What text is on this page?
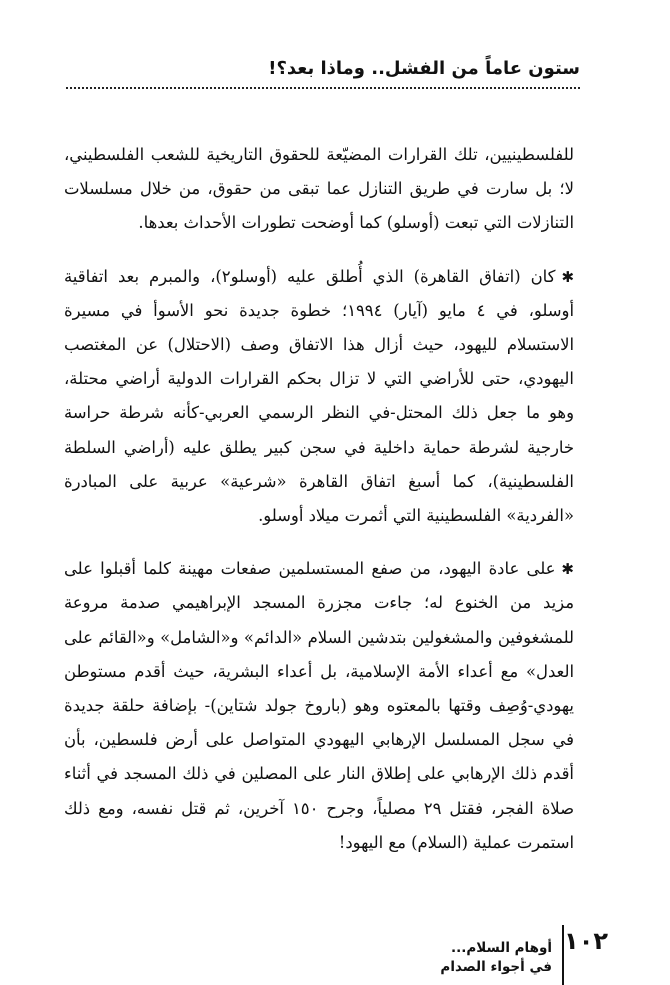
ستون عاماً من الفشل.. وماذا بعد؟!

للفلسطينيين، تلك القرارات المضيّعة للحقوق التاريخية للشعب الفلسطيني، لا؛ بل سارت في طريق التنازل عما تبقى من حقوق، من خلال مسلسلات التنازلات التي تبعت (أوسلو) كما أوضحت تطورات الأحداث بعدها.

✱كان (اتفاق القاهرة) الذي أُطلق عليه (أوسلو٢)، والمبرم بعد اتفاقية أوسلو، في ٤ مايو (آيار) ١٩٩٤؛ خطوة جديدة نحو الأسوأ في مسيرة الاستسلام لليهود، حيث أزال هذا الاتفاق وصف (الاحتلال) عن المغتصب اليهودي، حتى للأراضي التي لا تزال بحكم القرارات الدولية أراضي محتلة، وهو ما جعل ذلك المحتل-في النظر الرسمي العربي-كأنه شرطة حراسة خارجية لشرطة حماية داخلية في سجن كبير يطلق عليه (أراضي السلطة الفلسطينية)، كما أسبغ اتفاق القاهرة «شرعية» عربية على المبادرة «الفردية» الفلسطينية التي أثمرت ميلاد أوسلو.

✱على عادة اليهود، من صفع المستسلمين صفعات مهينة كلما أقبلوا على مزيد من الخنوع له؛ جاءت مجزرة المسجد الإبراهيمي صدمة مروعة للمشغوفين والمشغولين بتدشين السلام «الدائم» و«الشامل» و«القائم على العدل» مع أعداء الأمة الإسلامية، بل أعداء البشرية، حيث أقدم مستوطن يهودي-وُصِف وقتها بالمعتوه وهو (باروخ جولد شتاين)- بإضافة حلقة جديدة في سجل المسلسل الإرهابي اليهودي المتواصل على أرض فلسطين، بأن أقدم ذلك الإرهابي على إطلاق النار على المصلين في ذلك المسجد في أثناء صلاة الفجر، فقتل ٢٩ مصلياً، وجرح ١٥٠ آخرين، ثم قتل نفسه، ومع ذلك استمرت عملية (السلام) مع اليهود!

١٠٢
أوهام السلام...
في أجواء الصدام
